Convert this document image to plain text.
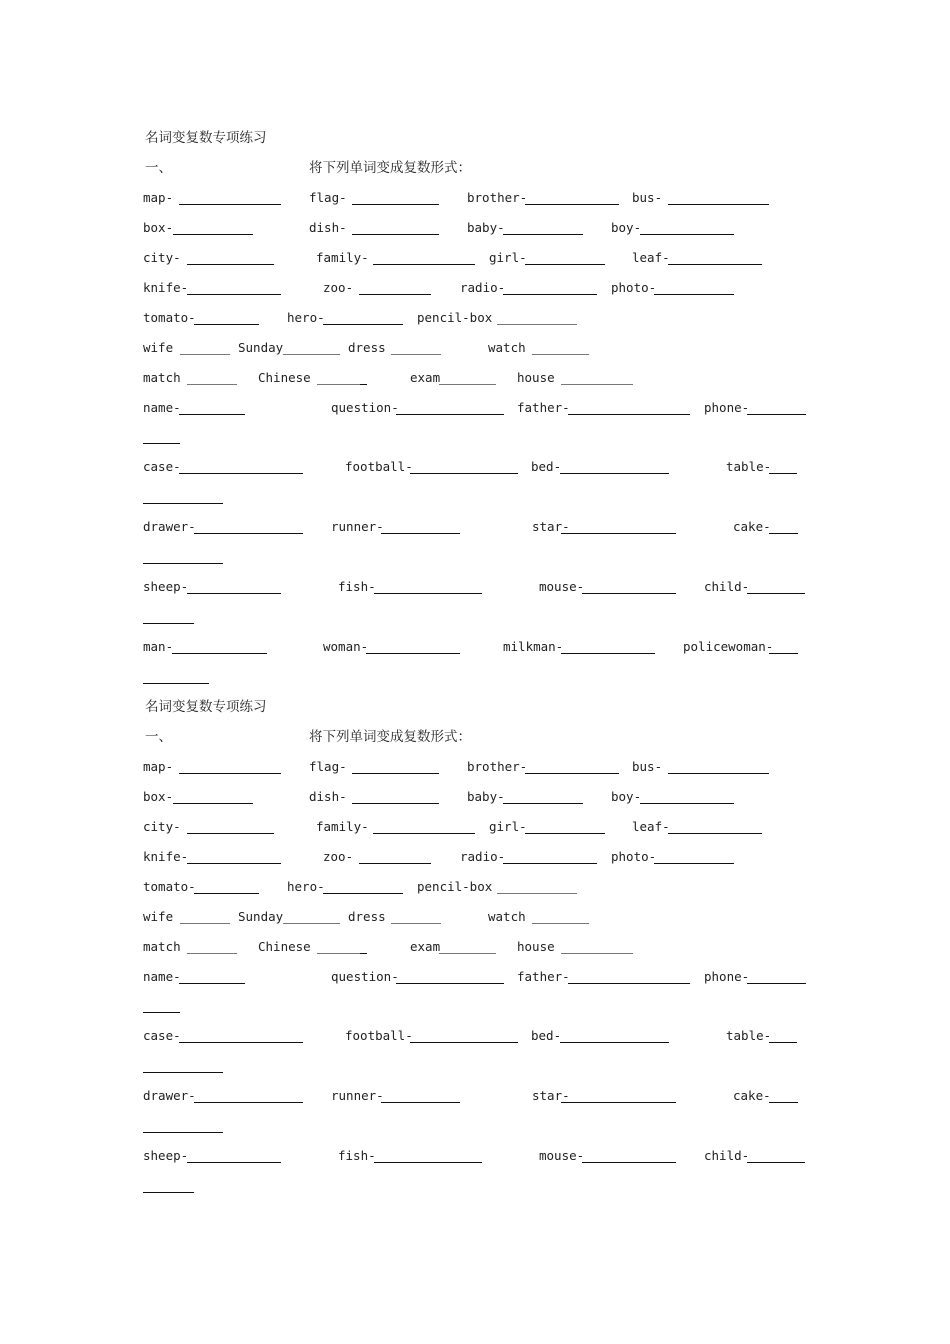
名词变复数专项练习
一、	将下列单词变成复数形式：
map-	flag-	brother-	bus-
box-	dish-	baby-	boy-
city-	family-	girl-	leaf-
knife-	zoo-	radio-	photo-
tomato-	hero-	pencil-box
wife	Sunday	dress	watch
match	Chinese	exam	house
name-	question-	father-	phone-
case-	football-	bed-	table-
drawer-	runner-	star-	cake-
sheep-	fish-	mouse-	child-
man-	woman-	milkman-	policewoman-
名词变复数专项练习
一、	将下列单词变成复数形式：
map-	flag-	brother-	bus-
box-	dish-	baby-	boy-
city-	family-	girl-	leaf-
knife-	zoo-	radio-	photo-
tomato-	hero-	pencil-box
wife	Sunday	dress	watch
match	Chinese	exam	house
name-	question-	father-	phone-
case-	football-	bed-	table-
drawer-	runner-	star-	cake-
sheep-	fish-	mouse-	child-
